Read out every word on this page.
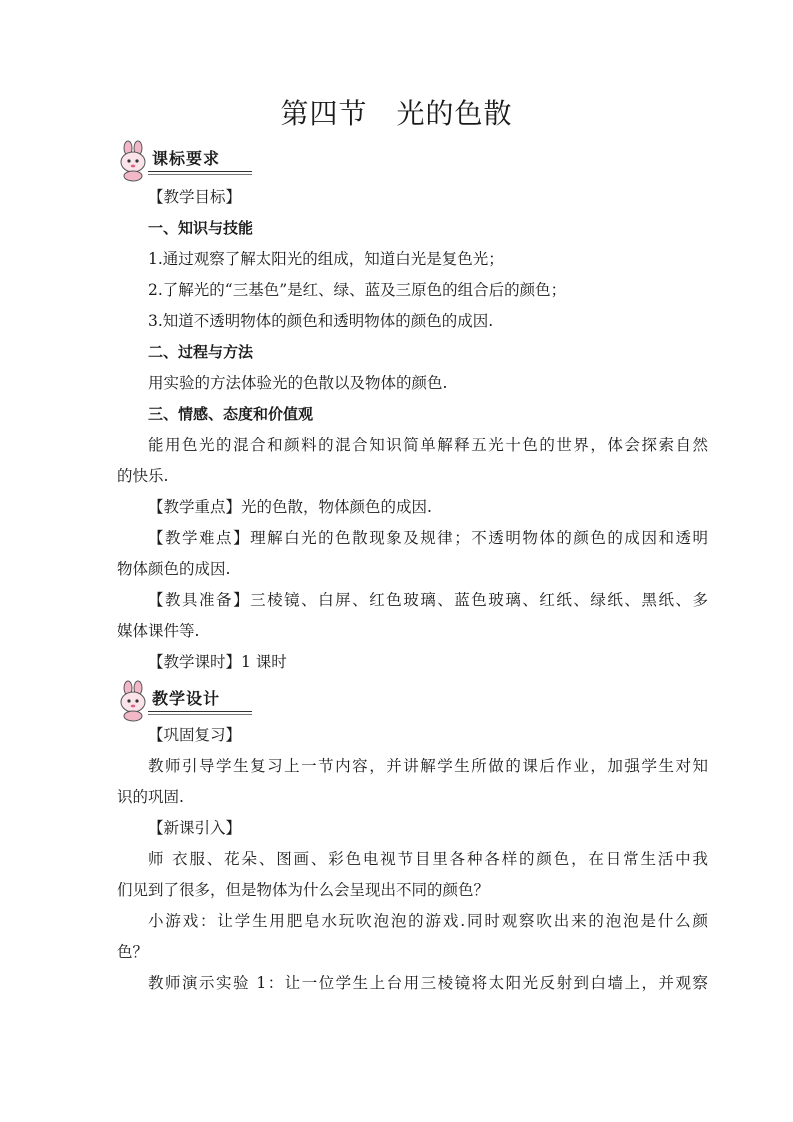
第四节　光的色散
课标要求
【教学目标】
一、知识与技能
1.通过观察了解太阳光的组成，知道白光是复色光；
2.了解光的“三基色”是红、绿、蓝及三原色的组合后的颜色；
3.知道不透明物体的颜色和透明物体的颜色的成因.
二、过程与方法
用实验的方法体验光的色散以及物体的颜色.
三、情感、态度和价值观
能用色光的混合和颜料的混合知识简单解释五光十色的世界，体会探索自然
的快乐.
【教学重点】光的色散，物体颜色的成因.
【教学难点】理解白光的色散现象及规律；不透明物体的颜色的成因和透明
物体颜色的成因.
【教具准备】三棱镜、白屏、红色玻璃、蓝色玻璃、红纸、绿纸、黑纸、多
媒体课件等.
【教学课时】1 课时
教学设计
【巩固复习】
教师引导学生复习上一节内容，并讲解学生所做的课后作业，加强学生对知
识的巩固.
【新课引入】
师 衣服、花朵、图画、彩色电视节目里各种各样的颜色，在日常生活中我
们见到了很多，但是物体为什么会呈现出不同的颜色？
小游戏：让学生用肥皂水玩吹泡泡的游戏.同时观察吹出来的泡泡是什么颜
色？
教师演示实验 1：让一位学生上台用三棱镜将太阳光反射到白墙上，并观察
